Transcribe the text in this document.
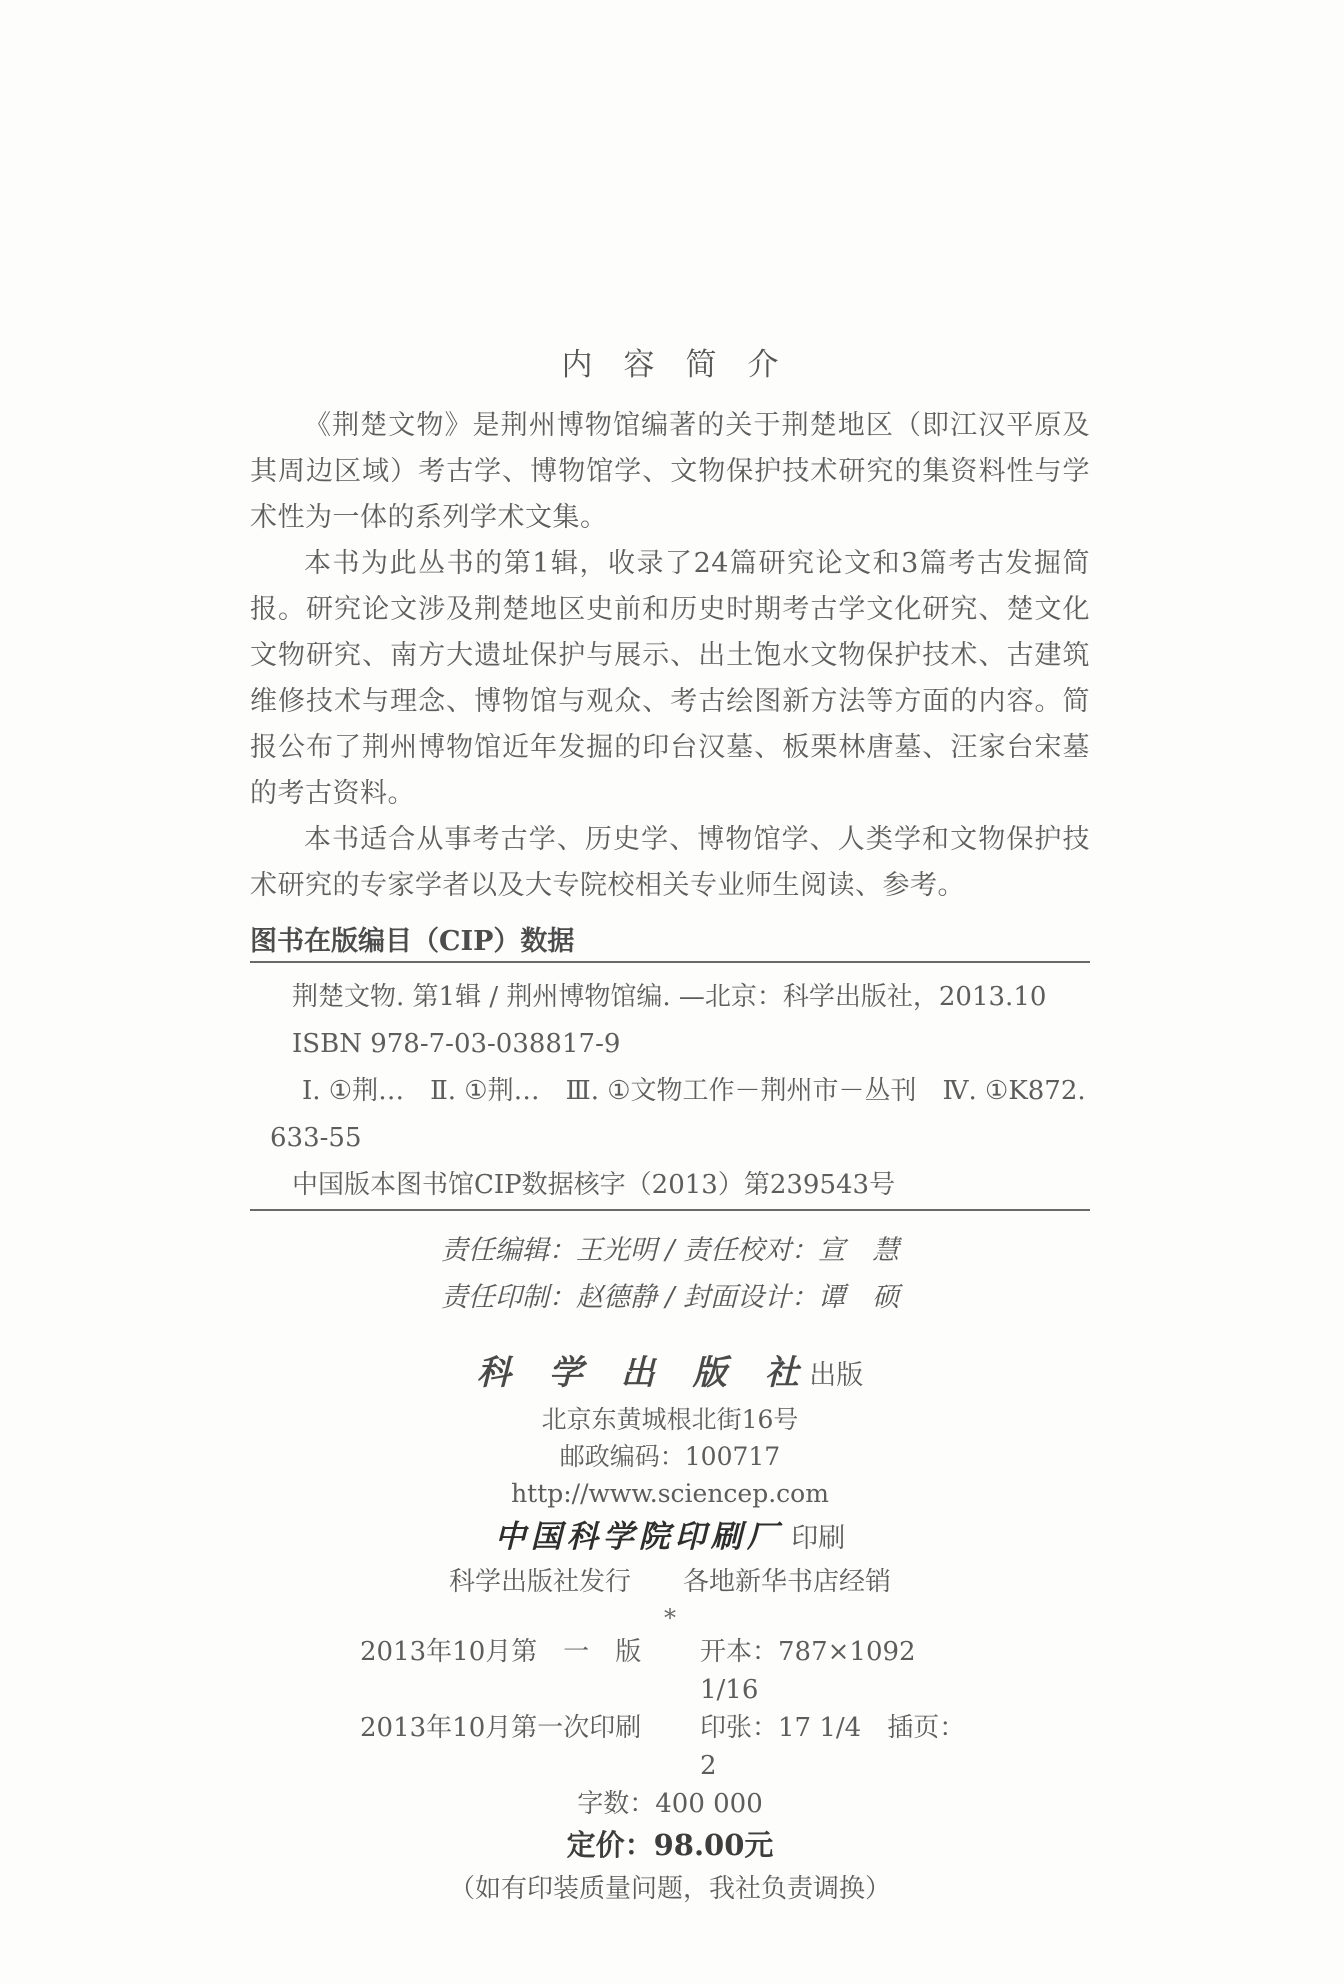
内　容　简　介

《荆楚文物》是荆州博物馆编著的关于荆楚地区（即江汉平原及其周边区域）考古学、博物馆学、文物保护技术研究的集资料性与学术性为一体的系列学术文集。

本书为此丛书的第1辑，收录了24篇研究论文和3篇考古发掘简报。研究论文涉及荆楚地区史前和历史时期考古学文化研究、楚文化文物研究、南方大遗址保护与展示、出土饱水文物保护技术、古建筑维修技术与理念、博物馆与观众、考古绘图新方法等方面的内容。简报公布了荆州博物馆近年发掘的印台汉墓、板栗林唐墓、汪家台宋墓的考古资料。

本书适合从事考古学、历史学、博物馆学、人类学和文物保护技术研究的专家学者以及大专院校相关专业师生阅读、参考。

图书在版编目（CIP）数据
荆楚文物. 第1辑 / 荆州博物馆编. —北京：科学出版社，2013.10
ISBN 978-7-03-038817-9
Ⅰ. ①荆…　Ⅱ. ①荆…　Ⅲ. ①文物工作－荆州市－丛刊　Ⅳ. ①K872.
633-55
中国版本图书馆CIP数据核字（2013）第239543号
责任编辑：王光明 / 责任校对：宣　慧
责任印制：赵德静 / 封面设计：谭　硕
科　学　出　版　社 出版
北京东黄城根北街16号
邮政编码：100717
http://www.sciencep.com
中国科学院印刷厂 印刷
科学出版社发行　　各地新华书店经销
*
2013年10月第　一　版	开本：787×1092　1/16
2013年10月第一次印刷	印张：17 1/4　插页：2
字数：400 000
定价：98.00元
（如有印装质量问题，我社负责调换）
